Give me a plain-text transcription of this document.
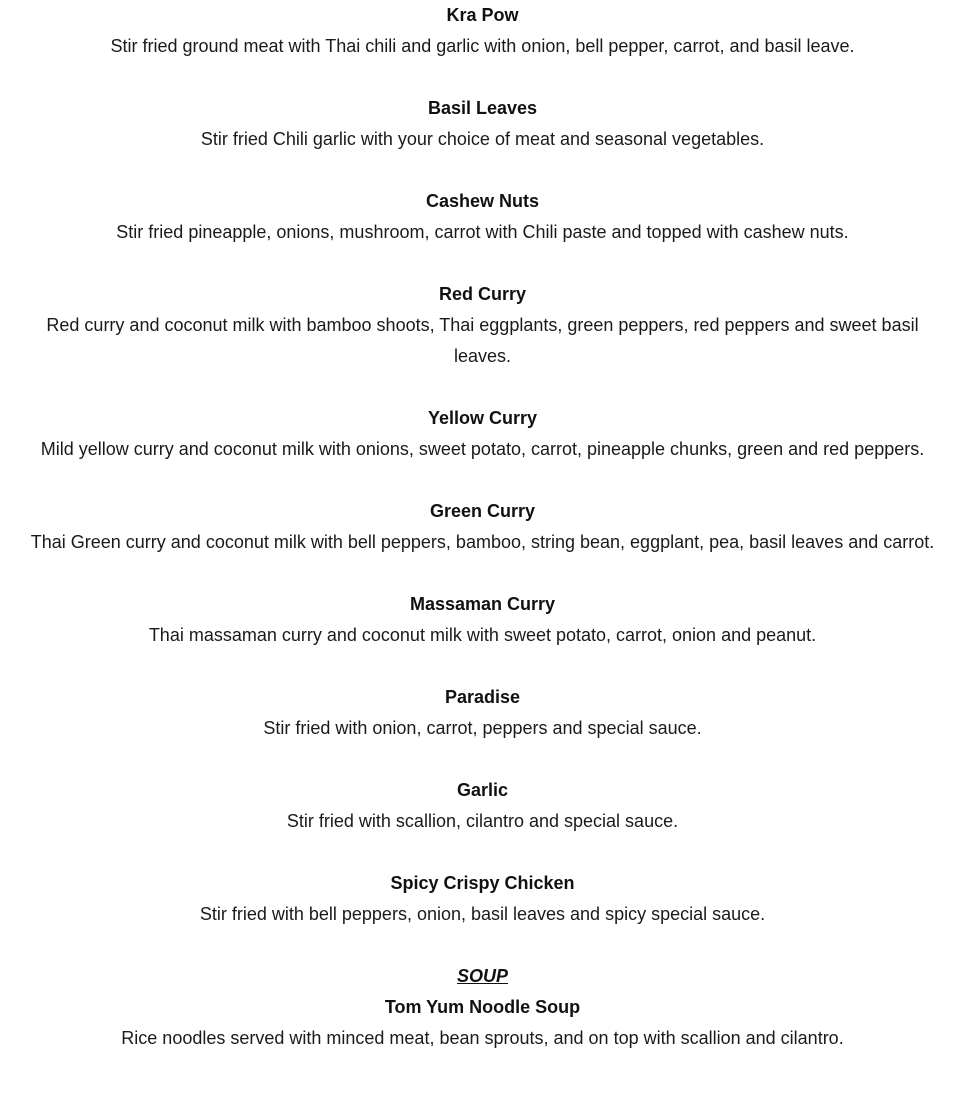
Kra Pow

Stir fried ground meat with Thai chili and garlic with onion, bell pepper, carrot, and basil leave.

Basil Leaves

Stir fried Chili garlic with your choice of meat and seasonal vegetables.

Cashew Nuts

Stir fried pineapple, onions, mushroom, carrot with Chili paste and topped with cashew nuts.

Red Curry

Red curry and coconut milk with bamboo shoots, Thai eggplants, green peppers, red peppers and sweet basil leaves.

Yellow Curry

Mild yellow curry and coconut milk with onions, sweet potato, carrot, pineapple chunks, green and red peppers.

Green Curry

Thai Green curry and coconut milk with bell peppers, bamboo, string bean, eggplant, pea, basil leaves and carrot.

Massaman Curry

Thai massaman curry and coconut milk with sweet potato, carrot, onion and peanut.

Paradise

Stir fried with onion, carrot, peppers and special sauce.

Garlic

Stir fried with scallion, cilantro and special sauce.

Spicy Crispy Chicken

Stir fried with bell peppers, onion, basil leaves and spicy special sauce.

SOUP

Tom Yum Noodle Soup

Rice noodles served with minced meat, bean sprouts, and on top with scallion and cilantro.
